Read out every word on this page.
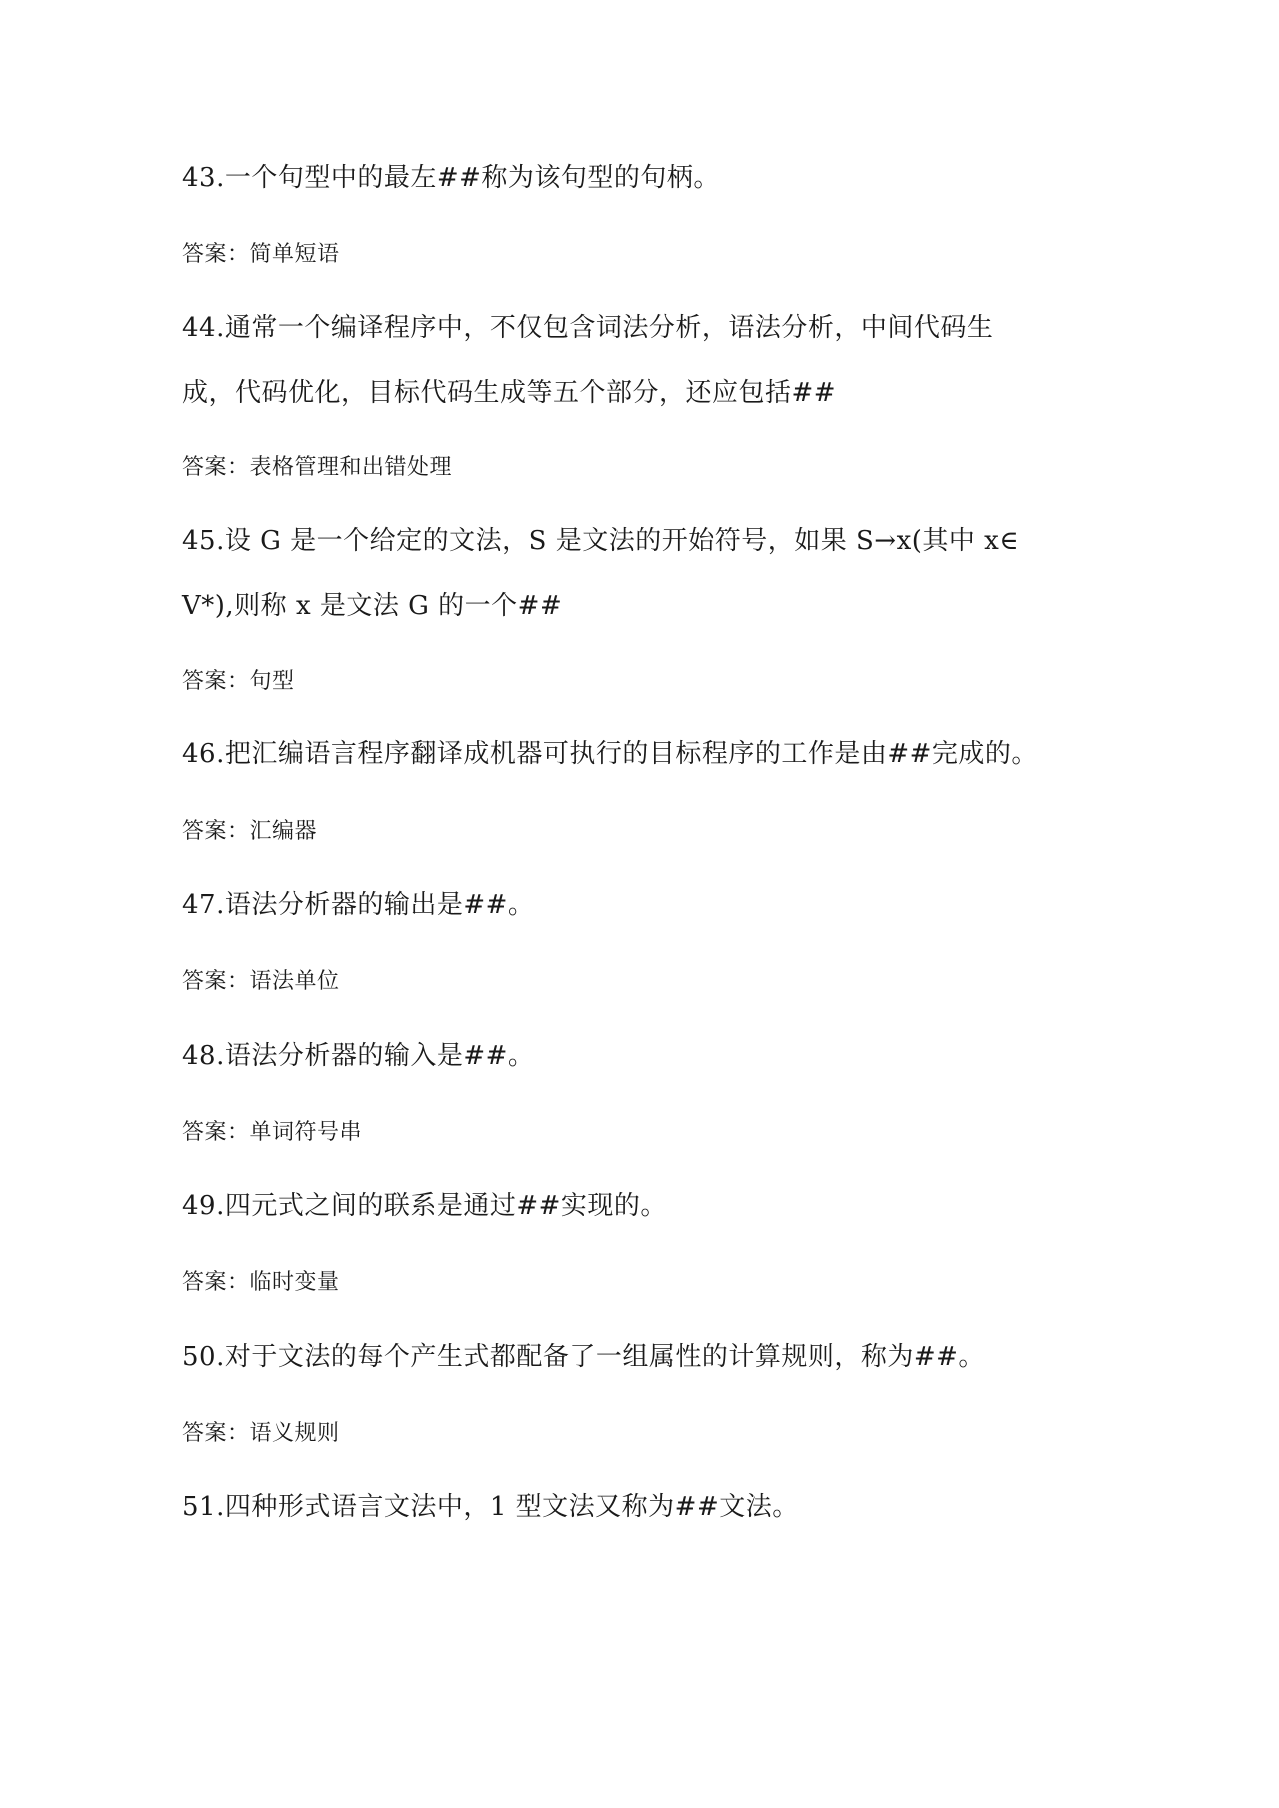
43.一个句型中的最左##称为该句型的句柄。
答案：简单短语
44.通常一个编译程序中，不仅包含词法分析，语法分析，中间代码生
成，代码优化，目标代码生成等五个部分，还应包括##
答案：表格管理和出错处理
45.设 G 是一个给定的文法，S 是文法的开始符号，如果 S→x(其中 x∈
V*),则称 x 是文法 G 的一个##
答案：句型
46.把汇编语言程序翻译成机器可执行的目标程序的工作是由##完成的。
答案：汇编器
47.语法分析器的输出是##。
答案：语法单位
48.语法分析器的输入是##。
答案：单词符号串
49.四元式之间的联系是通过##实现的。
答案：临时变量
50.对于文法的每个产生式都配备了一组属性的计算规则，称为##。
答案：语义规则
51.四种形式语言文法中，1 型文法又称为##文法。
